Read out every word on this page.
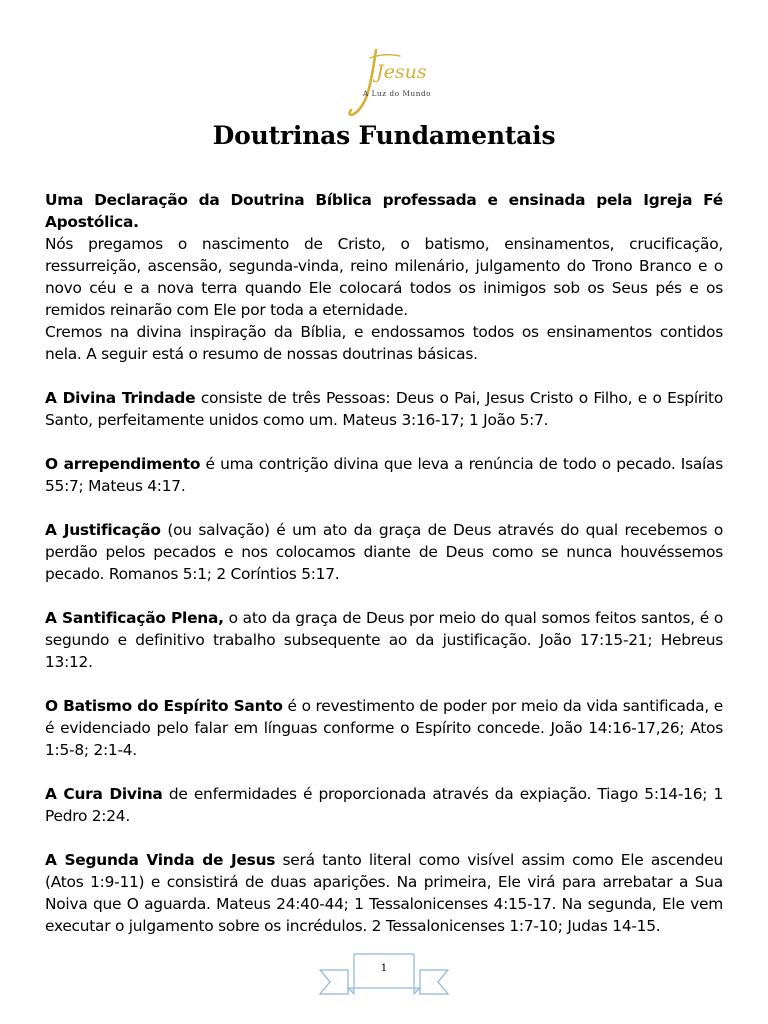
Jesus
A Luz do Mundo
Doutrinas Fundamentais

Uma Declaração da Doutrina Bíblica professada e ensinada pela Igreja Fé Apostólica.

Nós pregamos o nascimento de Cristo, o batismo, ensinamentos, crucificação, ressurreição, ascensão, segunda-vinda, reino milenário, julgamento do Trono Branco e o novo céu e a nova terra quando Ele colocará todos os inimigos sob os Seus pés e os remidos reinarão com Ele por toda a eternidade.

Cremos na divina inspiração da Bíblia, e endossamos todos os ensinamentos contidos nela. A seguir está o resumo de nossas doutrinas básicas.

A Divina Trindade consiste de três Pessoas: Deus o Pai, Jesus Cristo o Filho, e o Espírito Santo, perfeitamente unidos como um. Mateus 3:16-17; 1 João 5:7.

O arrependimento é uma contrição divina que leva a renúncia de todo o pecado. Isaías 55:7; Mateus 4:17.

A Justificação (ou salvação) é um ato da graça de Deus através do qual recebemos o perdão pelos pecados e nos colocamos diante de Deus como se nunca houvéssemos pecado. Romanos 5:1; 2 Coríntios 5:17.

A Santificação Plena, o ato da graça de Deus por meio do qual somos feitos santos, é o segundo e definitivo trabalho subsequente ao da justificação. João 17:15-21; Hebreus 13:12.

O Batismo do Espírito Santo é o revestimento de poder por meio da vida santificada, e é evidenciado pelo falar em línguas conforme o Espírito concede. João 14:16-17,26; Atos 1:5-8; 2:1-4.

A Cura Divina de enfermidades é proporcionada através da expiação. Tiago 5:14-16; 1 Pedro 2:24.

A Segunda Vinda de Jesus será tanto literal como visível assim como Ele ascendeu (Atos 1:9-11) e consistirá de duas aparições. Na primeira, Ele virá para arrebatar a Sua Noiva que O aguarda. Mateus 24:40-44; 1 Tessalonicenses 4:15-17. Na segunda, Ele vem executar o julgamento sobre os incrédulos. 2 Tessalonicenses 1:7-10; Judas 14-15.

1
